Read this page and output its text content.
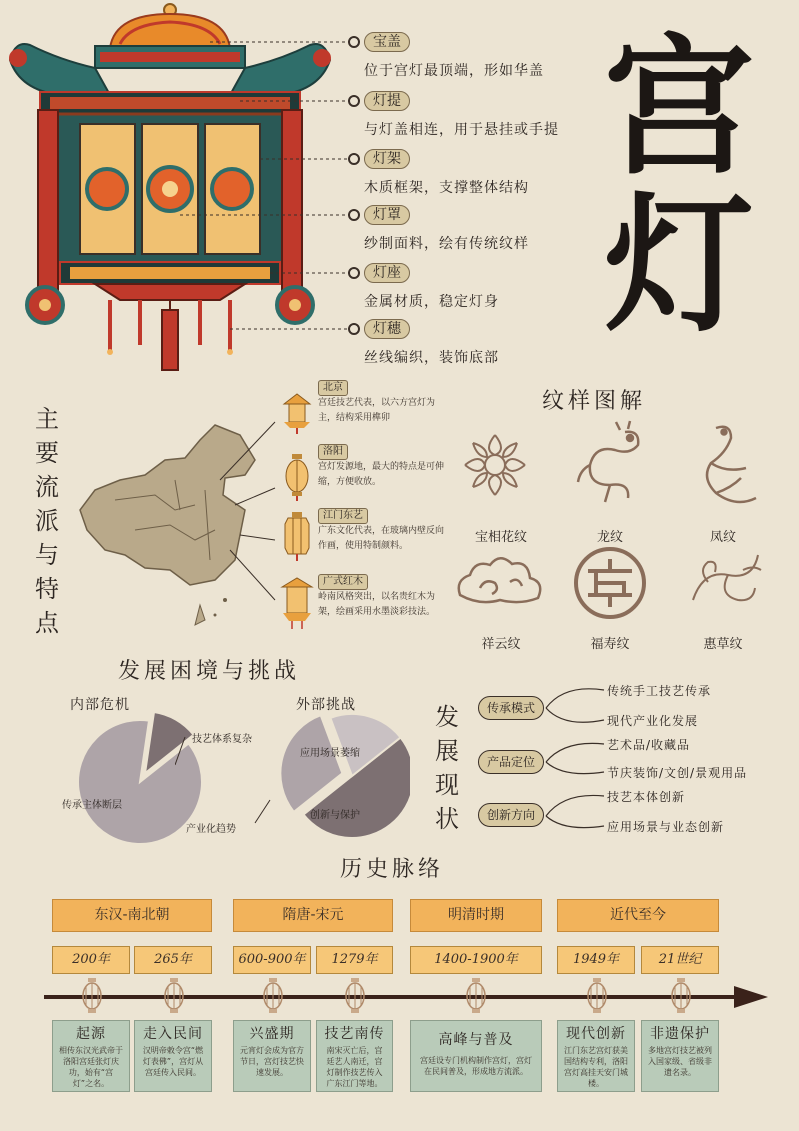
宝盖
位于宫灯最顶端，形如华盖
灯提
与灯盖相连，用于悬挂或手提
灯架
木质框架，支撑整体结构
灯罩
纱制面料，绘有传统纹样
灯座
金属材质，稳定灯身
灯穗
丝线编织，装饰底部
宫
灯
主
要
流
派
与
特
点
北京
宫廷技艺代表，以六方宫灯为主，结构采用榫卯
洛阳
宫灯发源地，最大的特点是可伸缩，方便收放。
江门东艺
广东文化代表，在玻璃内壁反向作画，使用特制颜料。
广式红木
岭南风格突出，以名贵红木为架，绘画采用水墨淡彩技法。
纹样图解
宝相花纹	龙纹	凤纹
祥云纹	福寿纹	惠草纹
发展困境与挑战
内部危机	外部挑战
技艺体系复杂
传承主体断层
应用场景萎缩
创新与保护
产业化趋势
发
展
现
状
传承模式
传统手工技艺传承
现代产业化发展
产品定位
艺术品/收藏品
节庆装饰/文创/景观用品
创新方向
技艺本体创新
应用场景与业态创新
历史脉络
东汉-南北朝	隋唐-宋元	明清时期	近代至今
200年	265年	600-900年	1279年	1400-1900年	1949年	21世纪
起源
相传东汉光武帝于洛阳宫廷张灯庆功，始有“宫灯”之名。
走入民间
汉明帝敕令宫“燃灯表佛”，宫灯从宫廷传入民间。
兴盛期
元宵灯会成为官方节日，宫灯技艺快速发展。
技艺南传
南宋灭亡后，宫廷艺人南迁，宫灯制作技艺传入广东江门等地。
高峰与普及
宫廷设专门机构制作宫灯，宫灯在民间普及，形成地方流派。
现代创新
江门东艺宫灯获美国结构专利，洛阳宫灯高挂天安门城楼。
非遗保护
多地宫灯技艺被列入国家级、省级非遗名录。
